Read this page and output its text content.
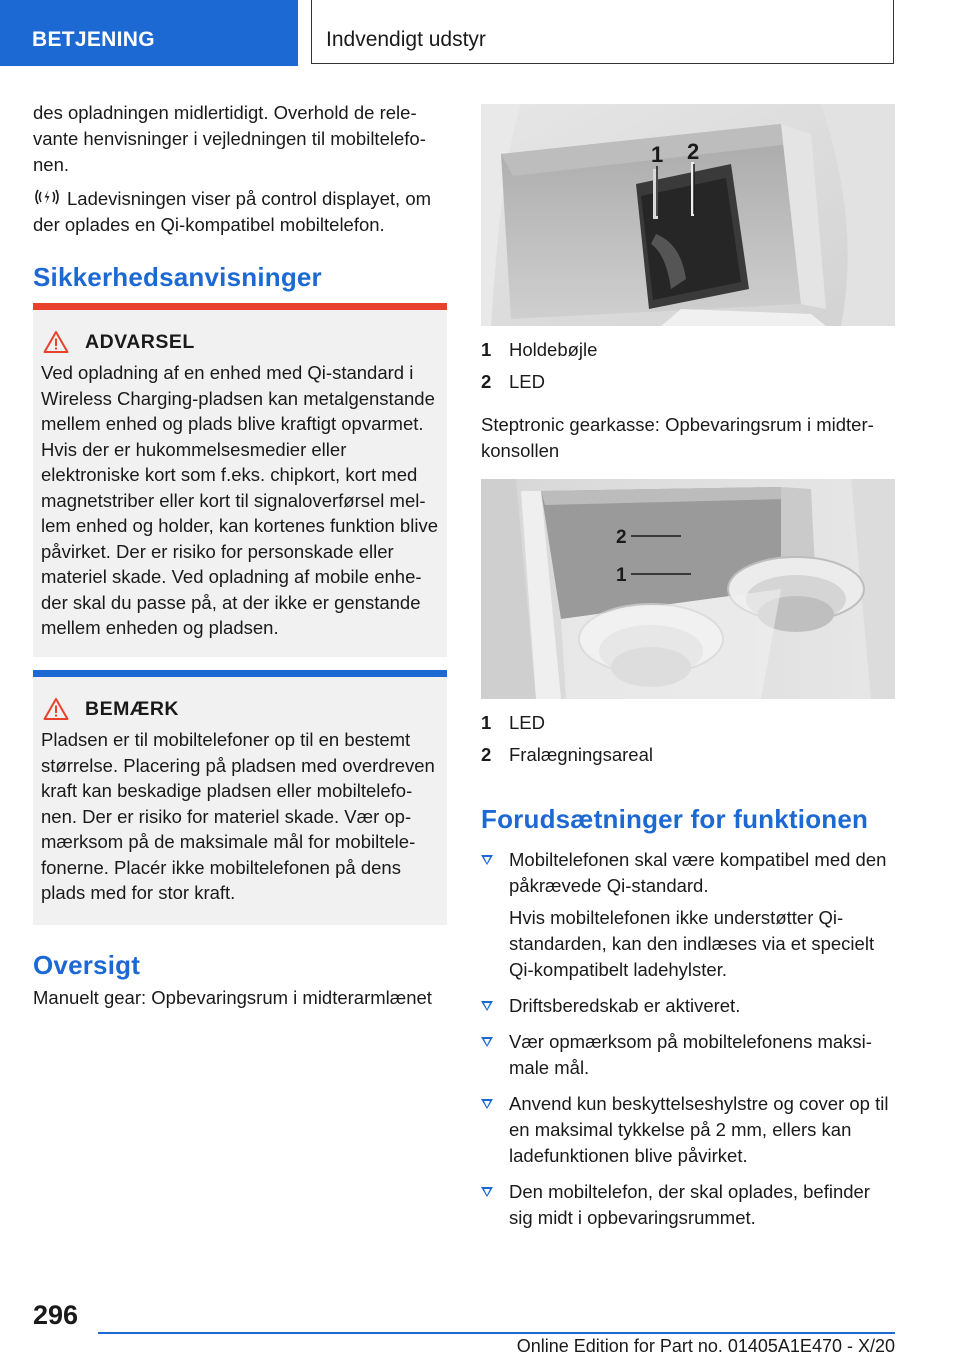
BETJENING	Indvendigt udstyr

des opladningen midlertidigt. Overhold de relevante henvisninger i vejledningen til mobiltelefonen.

Ladevisningen viser på control displayet, om der oplades en Qi-kompatibel mobiltelefon.

Sikkerhedsanvisninger
ADVARSEL

Ved opladning af en enhed med Qi-standard i Wireless Charging-pladsen kan metalgenstande mellem enhed og plads blive kraftigt opvarmet. Hvis der er hukommelsesmedier eller elektroniske kort som f.eks. chipkort, kort med magnetstriber eller kort til signaloverførsel mellem enhed og holder, kan kortenes funktion blive påvirket. Der er risiko for personskade eller materiel skade. Ved opladning af mobile enheder skal du passe på, at der ikke er genstande mellem enheden og pladsen.

BEMÆRK

Pladsen er til mobiltelefoner op til en bestemt størrelse. Placering på pladsen med overdreven kraft kan beskadige pladsen eller mobiltelefonen. Der er risiko for materiel skade. Vær opmærksom på de maksimale mål for mobiltelefonerne. Placér ikke mobiltelefonen på dens plads med for stor kraft.

Oversigt

Manuelt gear: Opbevaringsrum i midterarmlænet

1 2
1 Holdebøjle
2 LED

Steptronic gearkasse: Opbevaringsrum i midterkonsollen

2
1
1 LED
2 Fralægningsareal
Forudsætninger for funktionen
Mobiltelefonen skal være kompatibel med den påkrævede Qi-standard.

Hvis mobiltelefonen ikke understøtter Qi-standarden, kan den indlæses via et specielt Qi-kompatibelt ladehylster.

Driftsberedskab er aktiveret.
Vær opmærksom på mobiltelefonens maksimale mål.
Anvend kun beskyttelseshylstre og cover op til en maksimal tykkelse på 2 mm, ellers kan ladefunktionen blive påvirket.
Den mobiltelefon, der skal oplades, befinder sig midt i opbevaringsrummet.
296
Online Edition for Part no. 01405A1E470 - X/20
